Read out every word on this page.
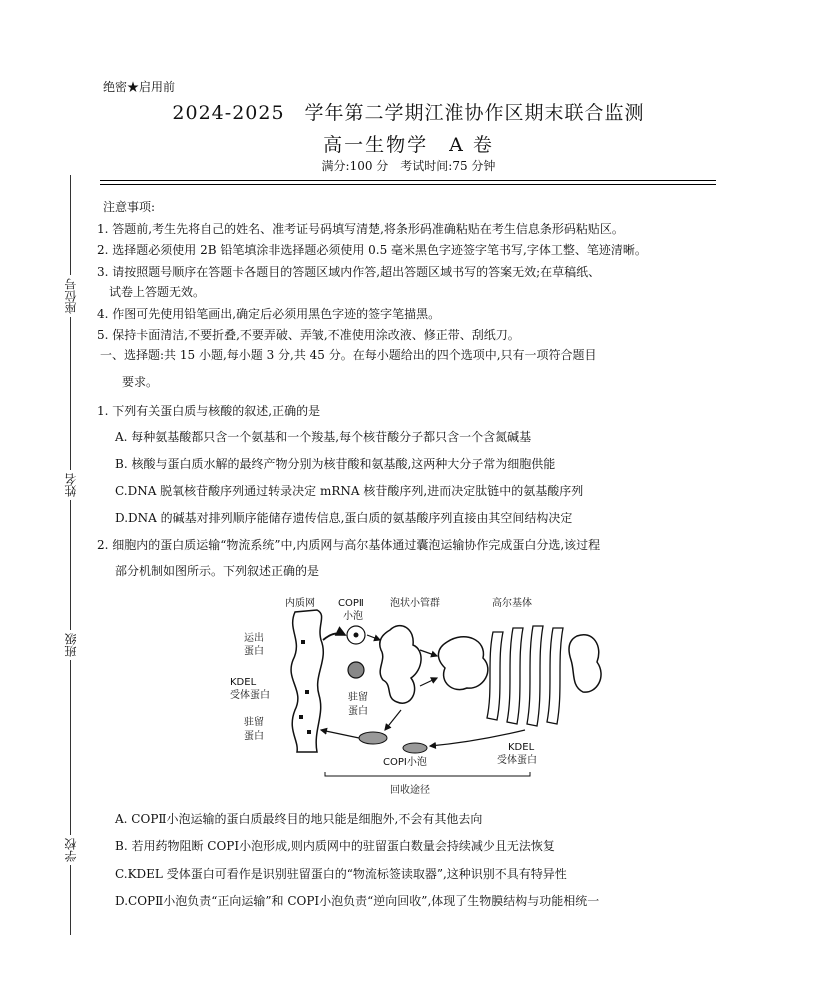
绝密★启用前
2024-2025　学年第二学期江淮协作区期末联合监测
高一生物学　A 卷
满分:100 分　考试时间:75 分钟
座位号
姓名
班级
学校
注意事项:
1. 答题前,考生先将自己的姓名、准考证号码填写清楚,将条形码准确粘贴在考生信息条形码粘贴区。
2. 选择题必须使用 2B 铅笔填涂非选择题必须使用 0.5 毫米黑色字迹签字笔书写,字体工整、笔迹清晰。
3. 请按照题号顺序在答题卡各题目的答题区域内作答,超出答题区域书写的答案无效;在草稿纸、
　试卷上答题无效。
4. 作图可先使用铅笔画出,确定后必须用黑色字迹的签字笔描黑。
5. 保持卡面清洁,不要折叠,不要弄破、弄皱,不准使用涂改液、修正带、刮纸刀。
一、选择题:共 15 小题,每小题 3 分,共 45 分。在每小题给出的四个选项中,只有一项符合题目
要求。
1. 下列有关蛋白质与核酸的叙述,正确的是
A. 每种氨基酸都只含一个氨基和一个羧基,每个核苷酸分子都只含一个含氮碱基
B. 核酸与蛋白质水解的最终产物分别为核苷酸和氨基酸,这两种大分子常为细胞供能
C.DNA 脱氧核苷酸序列通过转录决定 mRNA 核苷酸序列,进而决定肽链中的氨基酸序列
D.DNA 的碱基对排列顺序能储存遗传信息,蛋白质的氨基酸序列直接由其空间结构决定
2. 细胞内的蛋白质运输“物流系统”中,内质网与高尔基体通过囊泡运输协作完成蛋白分选,该过程
部分机制如图所示。下列叙述正确的是
内质网 COPⅡ
小泡
泡状小管群	高尔基体
运出
蛋白
KDEL
受体蛋白
驻留
蛋白
驻留
蛋白
COPⅠ小泡
KDEL
受体蛋白
回收途径
A. COPⅡ小泡运输的蛋白质最终目的地只能是细胞外,不会有其他去向
B. 若用药物阻断 COPⅠ小泡形成,则内质网中的驻留蛋白数量会持续减少且无法恢复
C.KDEL 受体蛋白可看作是识别驻留蛋白的“物流标签读取器”,这种识别不具有特异性
D.COPⅡ小泡负责“正向运输”和 COPⅠ小泡负责“逆向回收”,体现了生物膜结构与功能相统一
